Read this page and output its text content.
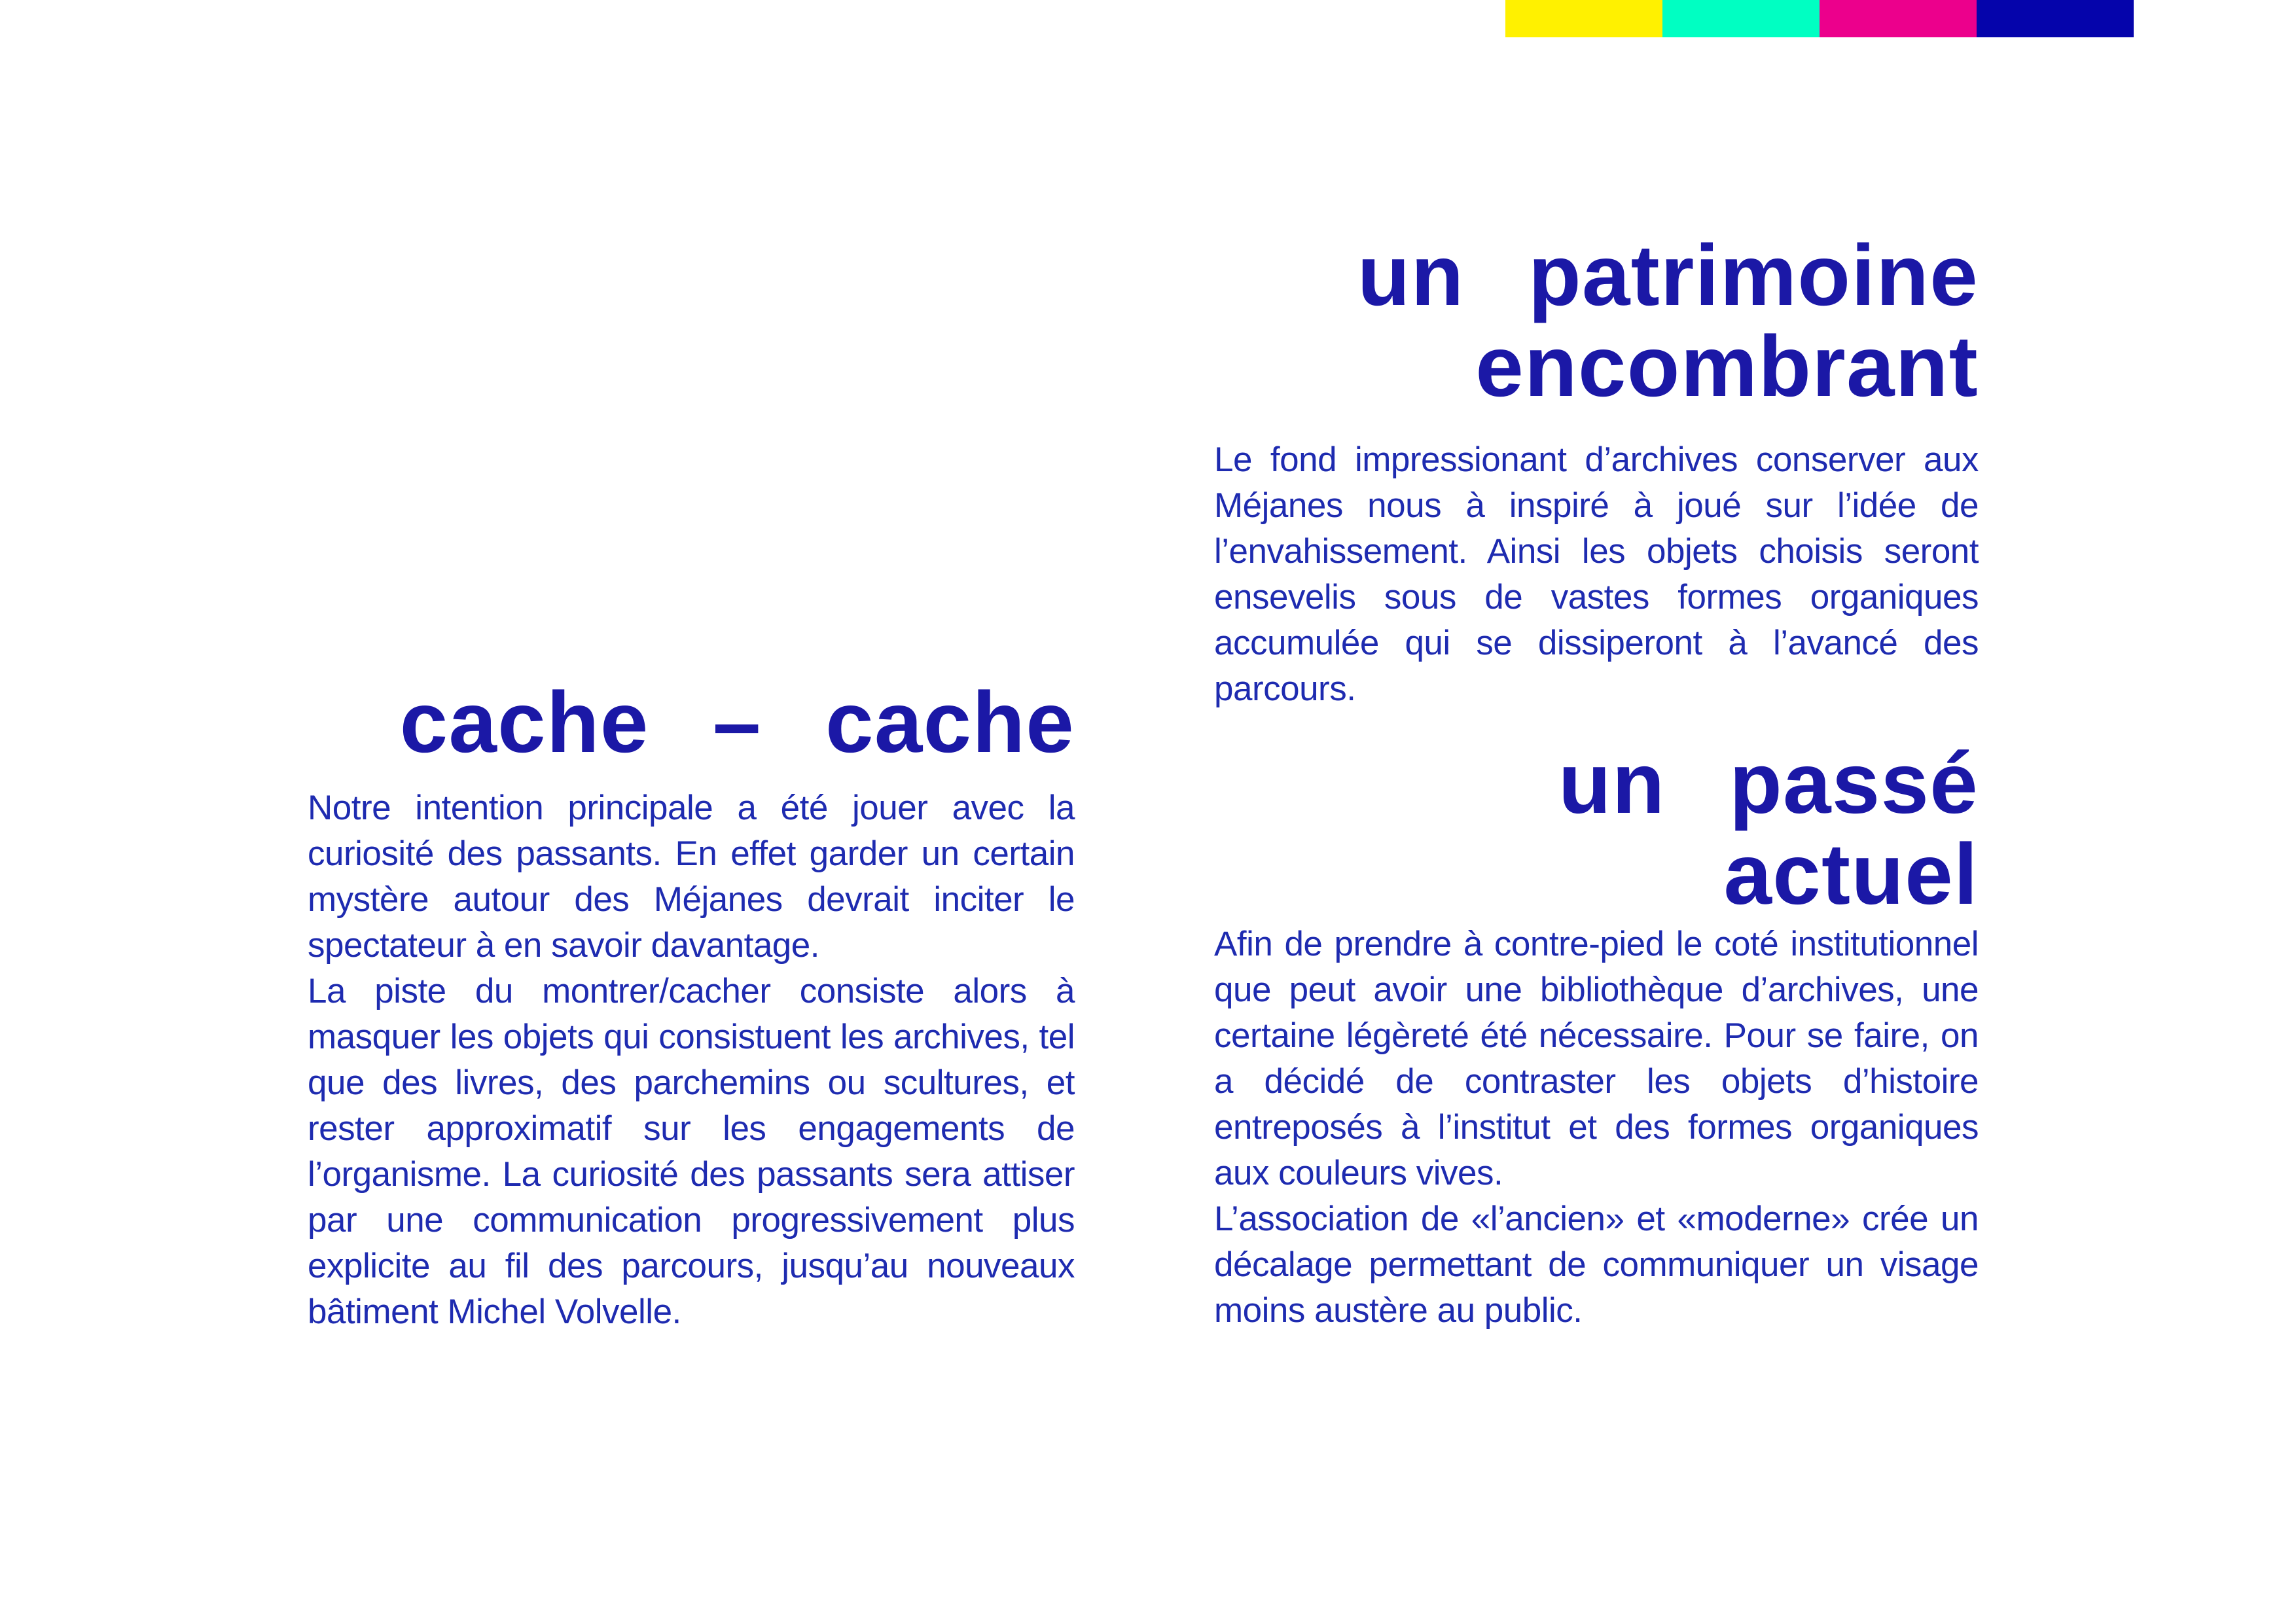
un patrimoine
encombrant

Le fond impressionant d’archives conserver aux Méjanes nous à inspiré à joué sur l’idée de l’envahissement. Ainsi les objets choisis seront ensevelis sous de vastes formes organiques accumulée qui se dissiperont à l’avancé des parcours.

cache – cache

Notre intention principale a été jouer avec la curiosité des passants. En effet garder un certain mystère autour des Méjanes devrait inciter le spectateur à en savoir davantage.

La piste du montrer/cacher consiste alors à masquer les objets qui consistuent les archives, tel que des livres, des parchemins ou scultures, et rester approximatif sur les engagements de l’organisme. La curiosité des passants sera attiser par une communication progressivement plus explicite au fil des parcours, jusqu’au nouveaux bâtiment Michel Volvelle.

un passé
actuel

Afin de prendre à contre-pied le coté institutionnel que peut avoir une bibliothèque d’archives, une certaine légèreté été nécessaire. Pour se faire, on a décidé de contraster les objets d’histoire entreposés à l’institut et des formes organiques aux couleurs vives.

L’association de «l’ancien» et «moderne» crée un décalage permettant de communiquer un visage moins austère au public.
